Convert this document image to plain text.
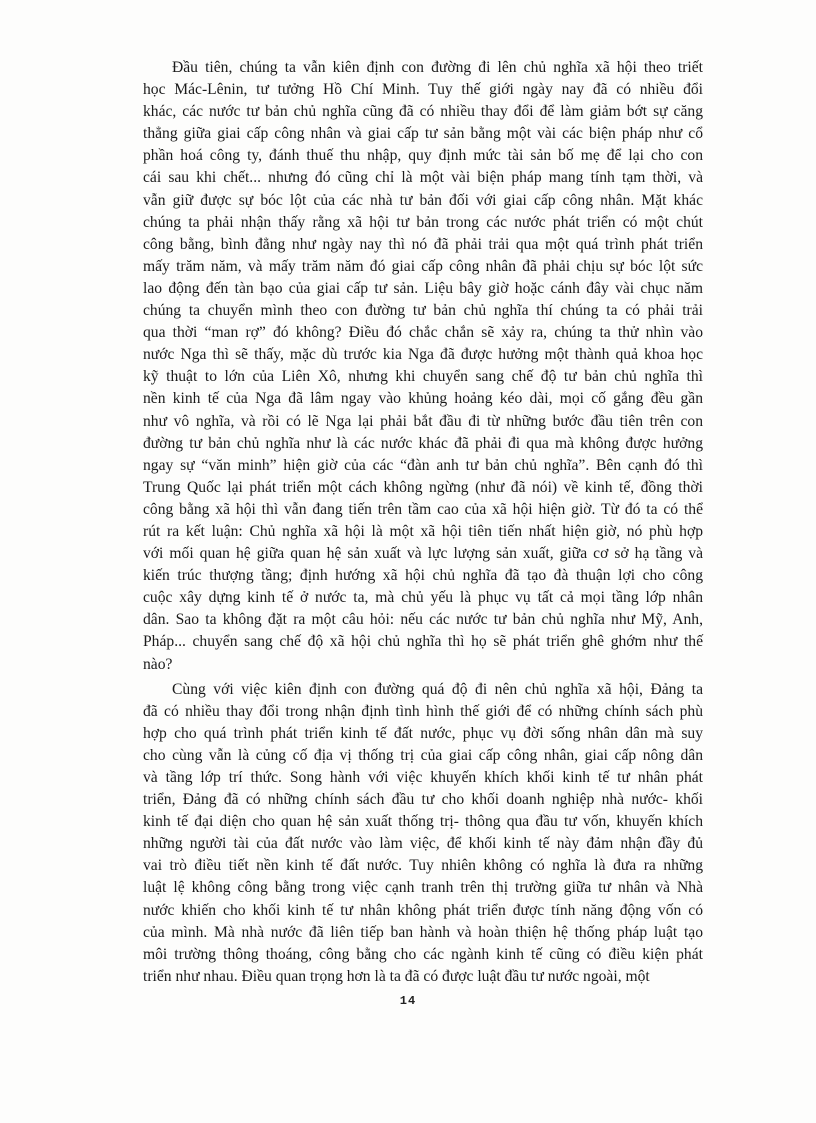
Đầu tiên, chúng ta vẫn kiên định con đường đi lên chủ nghĩa xã hội theo triết
học Mác-Lênin, tư tưởng Hồ Chí Minh. Tuy thế giới ngày nay đã có nhiều đổi
khác, các nước tư bản chủ nghĩa cũng đã có nhiều thay đổi để làm giảm bớt sự căng
thẳng giữa giai cấp công nhân và giai cấp tư sản bằng một vài các biện pháp như cổ
phần hoá công ty, đánh thuế thu nhập, quy định mức tài sản bố mẹ để lại cho con
cái sau khi chết... nhưng đó cũng chỉ là một vài biện pháp mang tính tạm thời, và
vẫn giữ được sự bóc lột của các nhà tư bản đối với giai cấp công nhân. Mặt khác
chúng ta phải nhận thấy rằng xã hội tư bản trong các nước phát triển có một chút
công bằng, bình đẳng như ngày nay thì nó đã phải trải qua một quá trình phát triển
mấy trăm năm, và mấy trăm năm đó giai cấp công nhân đã phải chịu sự bóc lột sức
lao động đến tàn bạo của giai cấp tư sản. Liệu bây giờ hoặc cánh đây vài chục năm
chúng ta chuyển mình theo con đường tư bản chủ nghĩa thí chúng ta có phải trải
qua thời “man rợ” đó không? Điều đó chắc chắn sẽ xảy ra, chúng ta thử nhìn vào
nước Nga thì sẽ thấy, mặc dù trước kia Nga đã được hưởng một thành quả khoa học
kỹ thuật to lớn của Liên Xô, nhưng khi chuyển sang chế độ tư bản chủ nghĩa thì
nền kinh tế của Nga đã lâm ngay vào khủng hoảng kéo dài, mọi cố gắng đều gần
như vô nghĩa, và rồi có lẽ Nga lại phải bắt đầu đi từ những bước đầu tiên trên con
đường tư bản chủ nghĩa như là các nước khác đã phải đi qua mà không được hưởng
ngay sự “văn minh” hiện giờ của các “đàn anh tư bản chủ nghĩa”. Bên cạnh đó thì
Trung Quốc lại phát triển một cách không ngừng (như đã nói) về kinh tế, đồng thời
công bằng xã hội thì vẫn đang tiến trên tầm cao của xã hội hiện giờ. Từ đó ta có thể
rút ra kết luận: Chủ nghĩa xã hội là một xã hội tiên tiến nhất hiện giờ, nó phù hợp
với mối quan hệ giữa quan hệ sản xuất và lực lượng sản xuất, giữa cơ sở hạ tầng và
kiến trúc thượng tầng; định hướng xã hội chủ nghĩa đã tạo đà thuận lợi cho công
cuộc xây dựng kinh tế ở nước ta, mà chủ yếu là phục vụ tất cả mọi tầng lớp nhân
dân. Sao ta không đặt ra một câu hỏi: nếu các nước tư bản chủ nghĩa như Mỹ, Anh,
Pháp... chuyển sang chế độ xã hội chủ nghĩa thì họ sẽ phát triển ghê ghớm như thế
nào?
Cùng với việc kiên định con đường quá độ đi nên chủ nghĩa xã hội, Đảng ta
đã có nhiều thay đổi trong nhận định tình hình thế giới để có những chính sách phù
hợp cho quá trình phát triển kinh tế đất nước, phục vụ đời sống nhân dân mà suy
cho cùng vẫn là củng cố địa vị thống trị của giai cấp công nhân, giai cấp nông dân
và tầng lớp trí thức. Song hành với việc khuyến khích khối kinh tế tư nhân phát
triển, Đảng đã có những chính sách đầu tư cho khối doanh nghiệp nhà nước- khối
kinh tế đại diện cho quan hệ sản xuất thống trị- thông qua đầu tư vốn, khuyến khích
những người tài của đất nước vào làm việc, để khối kinh tế này đảm nhận đầy đủ
vai trò điều tiết nền kinh tế đất nước. Tuy nhiên không có nghĩa là đưa ra những
luật lệ không công bằng trong việc cạnh tranh trên thị trường giữa tư nhân và Nhà
nước khiến cho khối kinh tế tư nhân không phát triển được tính năng động vốn có
của mình. Mà nhà nước đã liên tiếp ban hành và hoàn thiện hệ thống pháp luật tạo
môi trường thông thoáng, công bằng cho các ngành kinh tế cũng có điều kiện phát
triển như nhau. Điều quan trọng hơn là ta đã có được luật đầu tư nước ngoài, một
14
